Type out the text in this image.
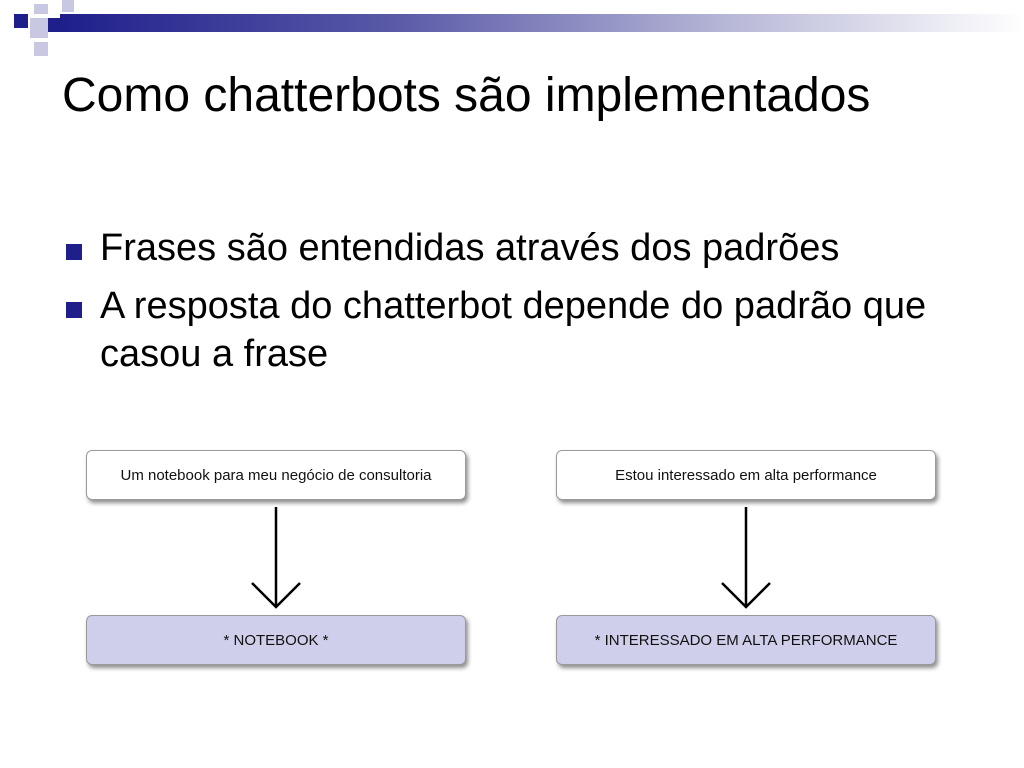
Como chatterbots são implementados
Frases são entendidas através dos padrões
A resposta do chatterbot depende do padrão que casou a frase
Um notebook para meu negócio de consultoria	Estou interessado em alta performance
* NOTEBOOK *	* INTERESSADO EM ALTA PERFORMANCE
